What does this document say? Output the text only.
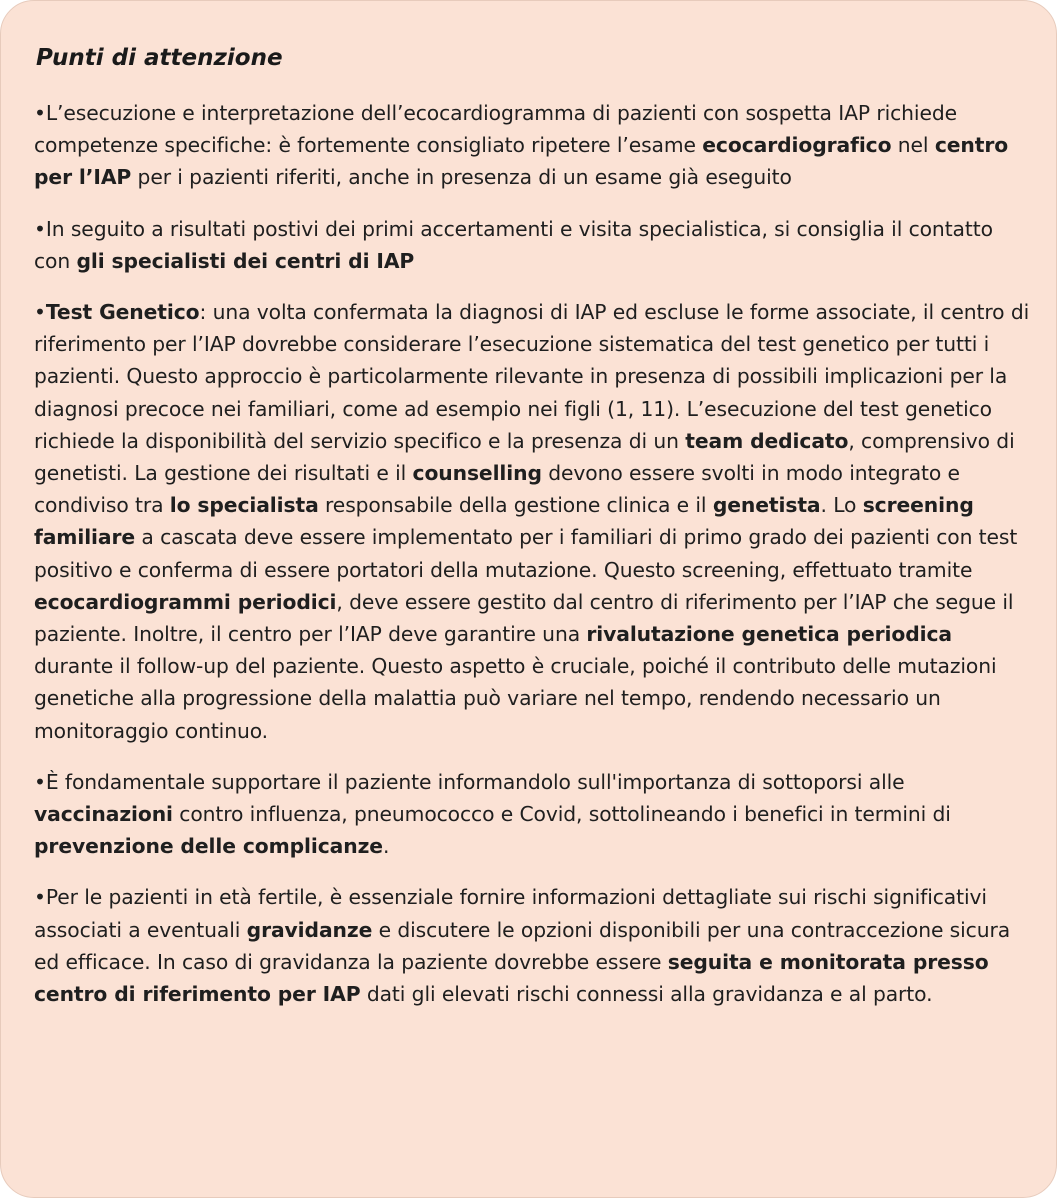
Punti di attenzione

•L’esecuzione e interpretazione dell’ecocardiogramma di pazienti con sospetta IAP richiede competenze specifiche: è fortemente consigliato ripetere l’esame ecocardiografico nel centro per l’IAP per i pazienti riferiti, anche in presenza di un esame già eseguito

•In seguito a risultati postivi dei primi accertamenti e visita specialistica, si consiglia il contatto con gli specialisti dei centri di IAP

•Test Genetico: una volta confermata la diagnosi di IAP ed escluse le forme associate, il centro di riferimento per l’IAP dovrebbe considerare l’esecuzione sistematica del test genetico per tutti i pazienti. Questo approccio è particolarmente rilevante in presenza di possibili implicazioni per la diagnosi precoce nei familiari, come ad esempio nei figli (1, 11). L’esecuzione del test genetico richiede la disponibilità del servizio specifico e la presenza di un team dedicato, comprensivo di genetisti. La gestione dei risultati e il counselling devono essere svolti in modo integrato e condiviso tra lo specialista responsabile della gestione clinica e il genetista. Lo screening familiare a cascata deve essere implementato per i familiari di primo grado dei pazienti con test positivo e conferma di essere portatori della mutazione. Questo screening, effettuato tramite ecocardiogrammi periodici, deve essere gestito dal centro di riferimento per l’IAP che segue il paziente. Inoltre, il centro per l’IAP deve garantire una rivalutazione genetica periodica durante il follow-up del paziente. Questo aspetto è cruciale, poiché il contributo delle mutazioni genetiche alla progressione della malattia può variare nel tempo, rendendo necessario un monitoraggio continuo.

•È fondamentale supportare il paziente informandolo sull'importanza di sottoporsi alle vaccinazioni contro influenza, pneumococco e Covid, sottolineando i benefici in termini di prevenzione delle complicanze.

•Per le pazienti in età fertile, è essenziale fornire informazioni dettagliate sui rischi significativi associati a eventuali gravidanze e discutere le opzioni disponibili per una contraccezione sicura ed efficace. In caso di gravidanza la paziente dovrebbe essere seguita e monitorata presso centro di riferimento per IAP dati gli elevati rischi connessi alla gravidanza e al parto.
